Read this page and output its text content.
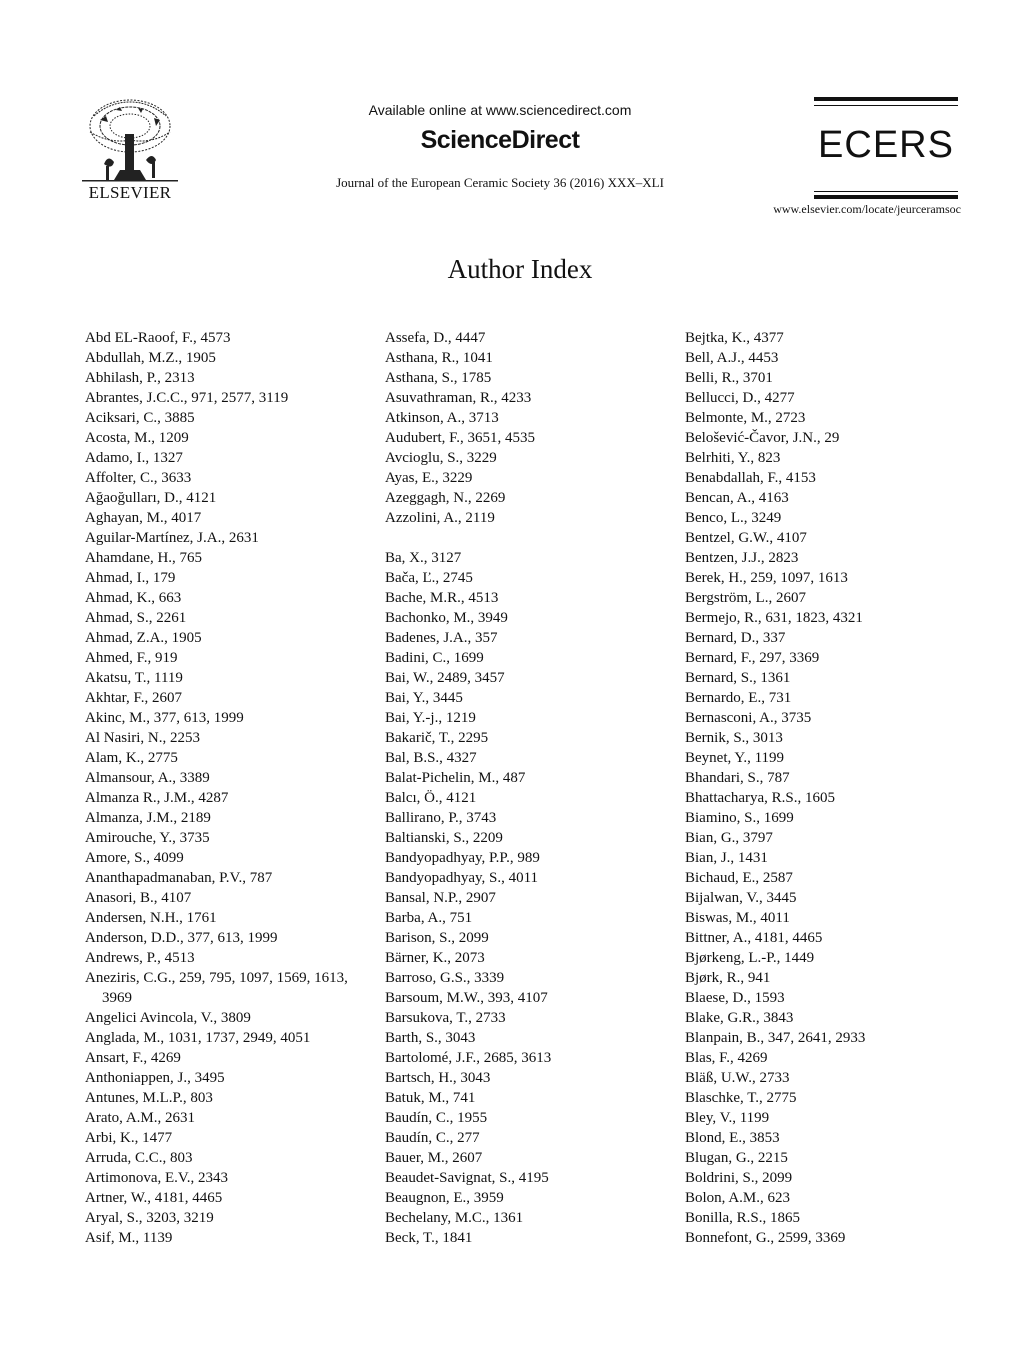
ELSEVIER
Available online at www.sciencedirect.com
ScienceDirect
Journal of the European Ceramic Society 36 (2016) XXX–XLI
ECERS
www.elsevier.com/locate/jeurceramsoc
Author Index
Abd EL-Raoof, F., 4573
Abdullah, M.Z., 1905
Abhilash, P., 2313
Abrantes, J.C.C., 971, 2577, 3119
Aciksari, C., 3885
Acosta, M., 1209
Adamo, I., 1327
Affolter, C., 3633
Ağaoğulları, D., 4121
Aghayan, M., 4017
Aguilar-Martínez, J.A., 2631
Ahamdane, H., 765
Ahmad, I., 179
Ahmad, K., 663
Ahmad, S., 2261
Ahmad, Z.A., 1905
Ahmed, F., 919
Akatsu, T., 1119
Akhtar, F., 2607
Akinc, M., 377, 613, 1999
Al Nasiri, N., 2253
Alam, K., 2775
Almansour, A., 3389
Almanza R., J.M., 4287
Almanza, J.M., 2189
Amirouche, Y., 3735
Amore, S., 4099
Ananthapadmanaban, P.V., 787
Anasori, B., 4107
Andersen, N.H., 1761
Anderson, D.D., 377, 613, 1999
Andrews, P., 4513
Aneziris, C.G., 259, 795, 1097, 1569, 1613, 3969
Angelici Avincola, V., 3809
Anglada, M., 1031, 1737, 2949, 4051
Ansart, F., 4269
Anthoniappen, J., 3495
Antunes, M.L.P., 803
Arato, A.M., 2631
Arbi, K., 1477
Arruda, C.C., 803
Artimonova, E.V., 2343
Artner, W., 4181, 4465
Aryal, S., 3203, 3219
Asif, M., 1139
Assefa, D., 4447
Asthana, R., 1041
Asthana, S., 1785
Asuvathraman, R., 4233
Atkinson, A., 3713
Audubert, F., 3651, 4535
Avcioglu, S., 3229
Ayas, E., 3229
Azeggagh, N., 2269
Azzolini, A., 2119
Ba, X., 3127
Bača, Ľ., 2745
Bache, M.R., 4513
Bachonko, M., 3949
Badenes, J.A., 357
Badini, C., 1699
Bai, W., 2489, 3457
Bai, Y., 3445
Bai, Y.-j., 1219
Bakarič, T., 2295
Bal, B.S., 4327
Balat-Pichelin, M., 487
Balcı, Ö., 4121
Ballirano, P., 3743
Baltianski, S., 2209
Bandyopadhyay, P.P., 989
Bandyopadhyay, S., 4011
Bansal, N.P., 2907
Barba, A., 751
Barison, S., 2099
Bärner, K., 2073
Barroso, G.S., 3339
Barsoum, M.W., 393, 4107
Barsukova, T., 2733
Barth, S., 3043
Bartolomé, J.F., 2685, 3613
Bartsch, H., 3043
Batuk, M., 741
Baudín, C., 1955
Baudín, C., 277
Bauer, M., 2607
Beaudet-Savignat, S., 4195
Beaugnon, E., 3959
Bechelany, M.C., 1361
Beck, T., 1841
Bejtka, K., 4377
Bell, A.J., 4453
Belli, R., 3701
Bellucci, D., 4277
Belmonte, M., 2723
Belošević-Čavor, J.N., 29
Belrhiti, Y., 823
Benabdallah, F., 4153
Bencan, A., 4163
Benco, L., 3249
Bentzel, G.W., 4107
Bentzen, J.J., 2823
Berek, H., 259, 1097, 1613
Bergström, L., 2607
Bermejo, R., 631, 1823, 4321
Bernard, D., 337
Bernard, F., 297, 3369
Bernard, S., 1361
Bernardo, E., 731
Bernasconi, A., 3735
Bernik, S., 3013
Beynet, Y., 1199
Bhandari, S., 787
Bhattacharya, R.S., 1605
Biamino, S., 1699
Bian, G., 3797
Bian, J., 1431
Bichaud, E., 2587
Bijalwan, V., 3445
Biswas, M., 4011
Bittner, A., 4181, 4465
Bjørkeng, L.-P., 1449
Bjørk, R., 941
Blaese, D., 1593
Blake, G.R., 3843
Blanpain, B., 347, 2641, 2933
Blas, F., 4269
Bläß, U.W., 2733
Blaschke, T., 2775
Bley, V., 1199
Blond, E., 3853
Blugan, G., 2215
Boldrini, S., 2099
Bolon, A.M., 623
Bonilla, R.S., 1865
Bonnefont, G., 2599, 3369
